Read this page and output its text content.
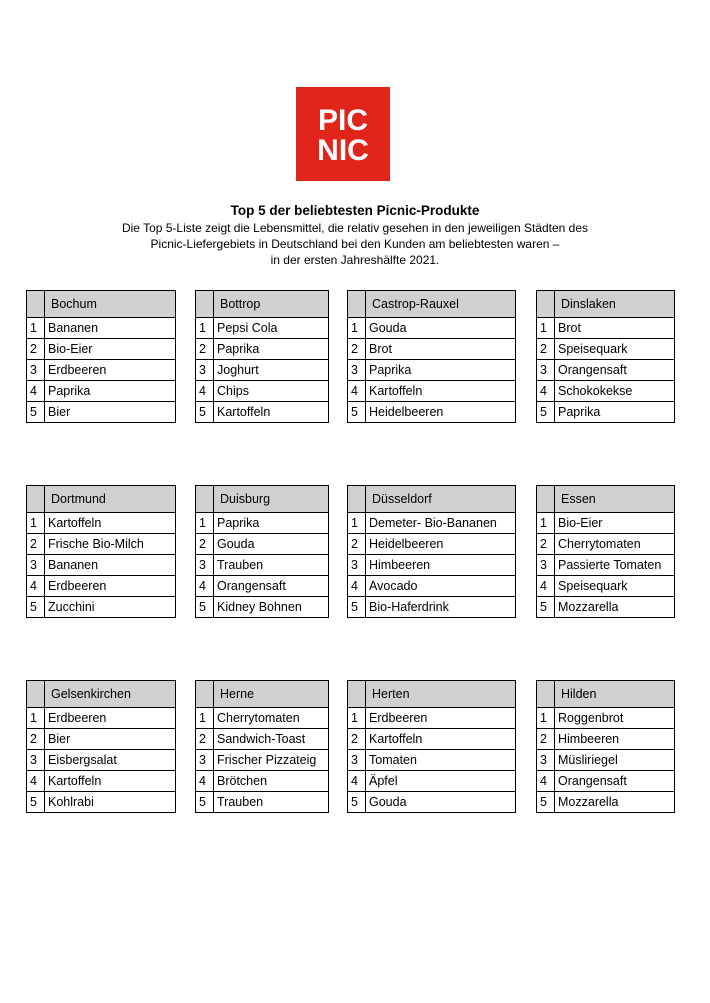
PIC
NIC
Top 5 der beliebtesten Picnic-Produkte
Die Top 5-Liste zeigt die Lebensmittel, die relativ gesehen in den jeweiligen Städten des
Picnic-Liefergebiets in Deutschland bei den Kunden am beliebtesten waren –
in der ersten Jahreshälfte 2021.
	Bochum
1	Bananen
2	Bio-Eier
3	Erdbeeren
4	Paprika
5	Bier
	Bottrop
1	Pepsi Cola
2	Paprika
3	Joghurt
4	Chips
5	Kartoffeln
	Castrop-Rauxel
1	Gouda
2	Brot
3	Paprika
4	Kartoffeln
5	Heidelbeeren
	Dinslaken
1	Brot
2	Speisequark
3	Orangensaft
4	Schokokekse
5	Paprika
	Dortmund
1	Kartoffeln
2	Frische Bio-Milch
3	Bananen
4	Erdbeeren
5	Zucchini
	Duisburg
1	Paprika
2	Gouda
3	Trauben
4	Orangensaft
5	Kidney Bohnen
	Düsseldorf
1	Demeter- Bio-Bananen
2	Heidelbeeren
3	Himbeeren
4	Avocado
5	Bio-Haferdrink
	Essen
1	Bio-Eier
2	Cherrytomaten
3	Passierte Tomaten
4	Speisequark
5	Mozzarella
	Gelsenkirchen
1	Erdbeeren
2	Bier
3	Eisbergsalat
4	Kartoffeln
5	Kohlrabi
	Herne
1	Cherrytomaten
2	Sandwich-Toast
3	Frischer Pizzateig
4	Brötchen
5	Trauben
	Herten
1	Erdbeeren
2	Kartoffeln
3	Tomaten
4	Äpfel
5	Gouda
	Hilden
1	Roggenbrot
2	Himbeeren
3	Müsliriegel
4	Orangensaft
5	Mozzarella
